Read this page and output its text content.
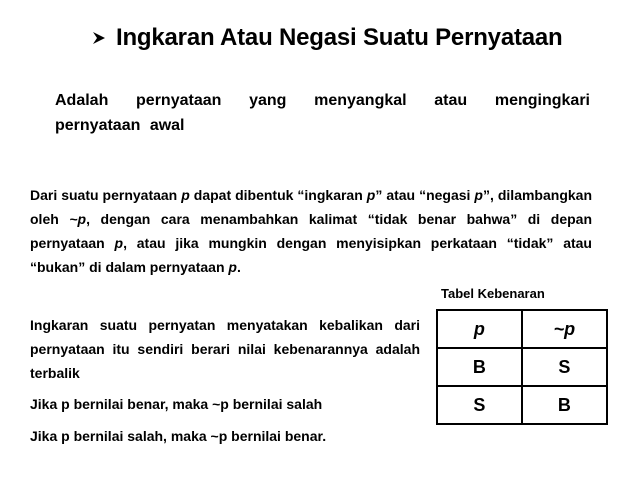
Ingkaran Atau Negasi Suatu Pernyataan
Adalah pernyataan yang menyangkal atau mengingkari pernyataan awal
Dari suatu pernyataan p dapat dibentuk “ingkaran p” atau “negasi p”, dilambangkan oleh ~p, dengan cara menambahkan kalimat “tidak benar bahwa” di depan pernyataan p, atau jika mungkin dengan menyisipkan perkataan “tidak” atau “bukan” di dalam pernyataan p.
Tabel Kebenaran
p	~p
B	S
S	B
Ingkaran suatu pernyatan menyatakan kebalikan dari pernyataan itu sendiri berari nilai kebenarannya adalah terbalik
Jika p bernilai benar, maka ~p bernilai salah
Jika p bernilai salah, maka ~p bernilai benar.
